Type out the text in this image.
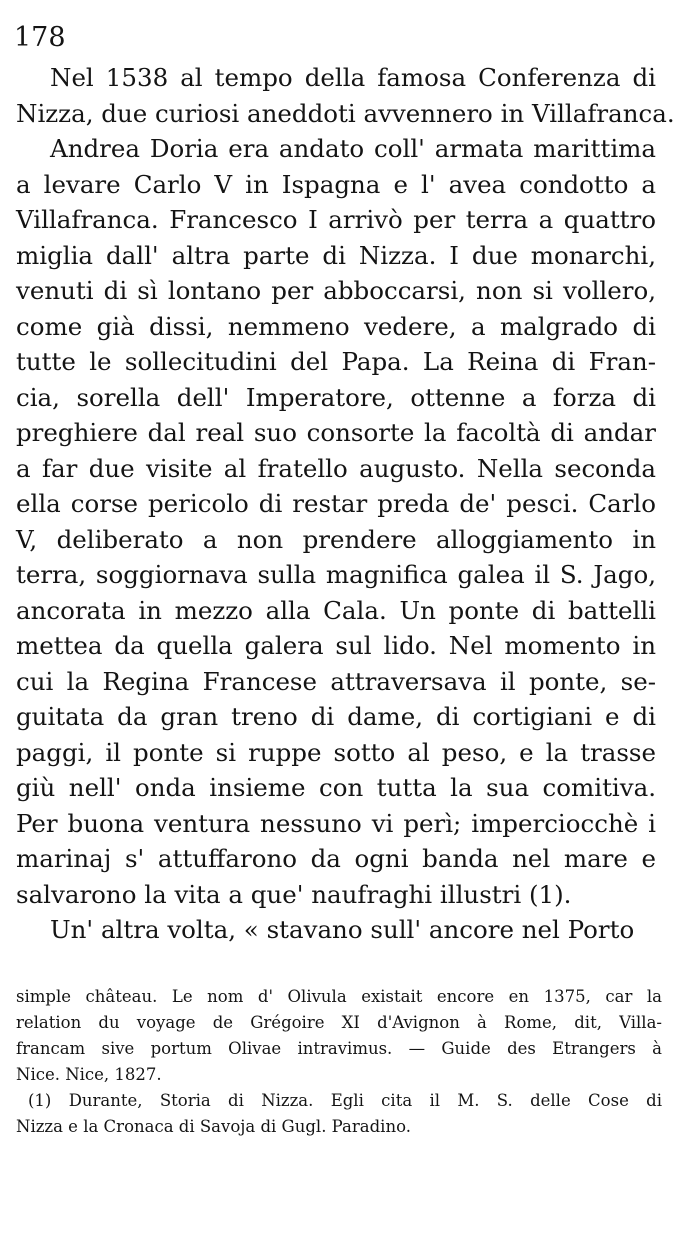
178
Nel 1538 al tempo della famosa Conferenza di
Nizza, due curiosi aneddoti avvennero in Villafranca.
Andrea Doria era andato coll' armata marittima
a levare Carlo V in Ispagna e l' avea condotto a
Villafranca. Francesco I arrivò per terra a quattro
miglia dall' altra parte di Nizza. I due monarchi,
venuti di sì lontano per abboccarsi, non si vollero,
come già dissi, nemmeno vedere, a malgrado di
tutte le sollecitudini del Papa. La Reina di Fran-
cia, sorella dell' Imperatore, ottenne a forza di
preghiere dal real suo consorte la facoltà di andar
a far due visite al fratello augusto. Nella seconda
ella corse pericolo di restar preda de' pesci. Carlo
V, deliberato a non prendere alloggiamento in
terra, soggiornava sulla magnifica galea il S. Jago,
ancorata in mezzo alla Cala. Un ponte di battelli
mettea da quella galera sul lido. Nel momento in
cui la Regina Francese attraversava il ponte, se-
guitata da gran treno di dame, di cortigiani e di
paggi, il ponte si ruppe sotto al peso, e la trasse
giù nell' onda insieme con tutta la sua comitiva.
Per buona ventura nessuno vi perì; imperciocchè i
marinaj s' attuffarono da ogni banda nel mare e
salvarono la vita a que' naufraghi illustri (1).
Un' altra volta, « stavano sull' ancore nel Porto
simple château. Le nom d' Olivula existait encore en 1375, car la
relation du voyage de Grégoire XI d'Avignon à Rome, dit, Villa-
francam sive portum Olivae intravimus. — Guide des Etrangers à
Nice. Nice, 1827.
(1) Durante, Storia di Nizza. Egli cita il M. S. delle Cose di
Nizza e la Cronaca di Savoja di Gugl. Paradino.
